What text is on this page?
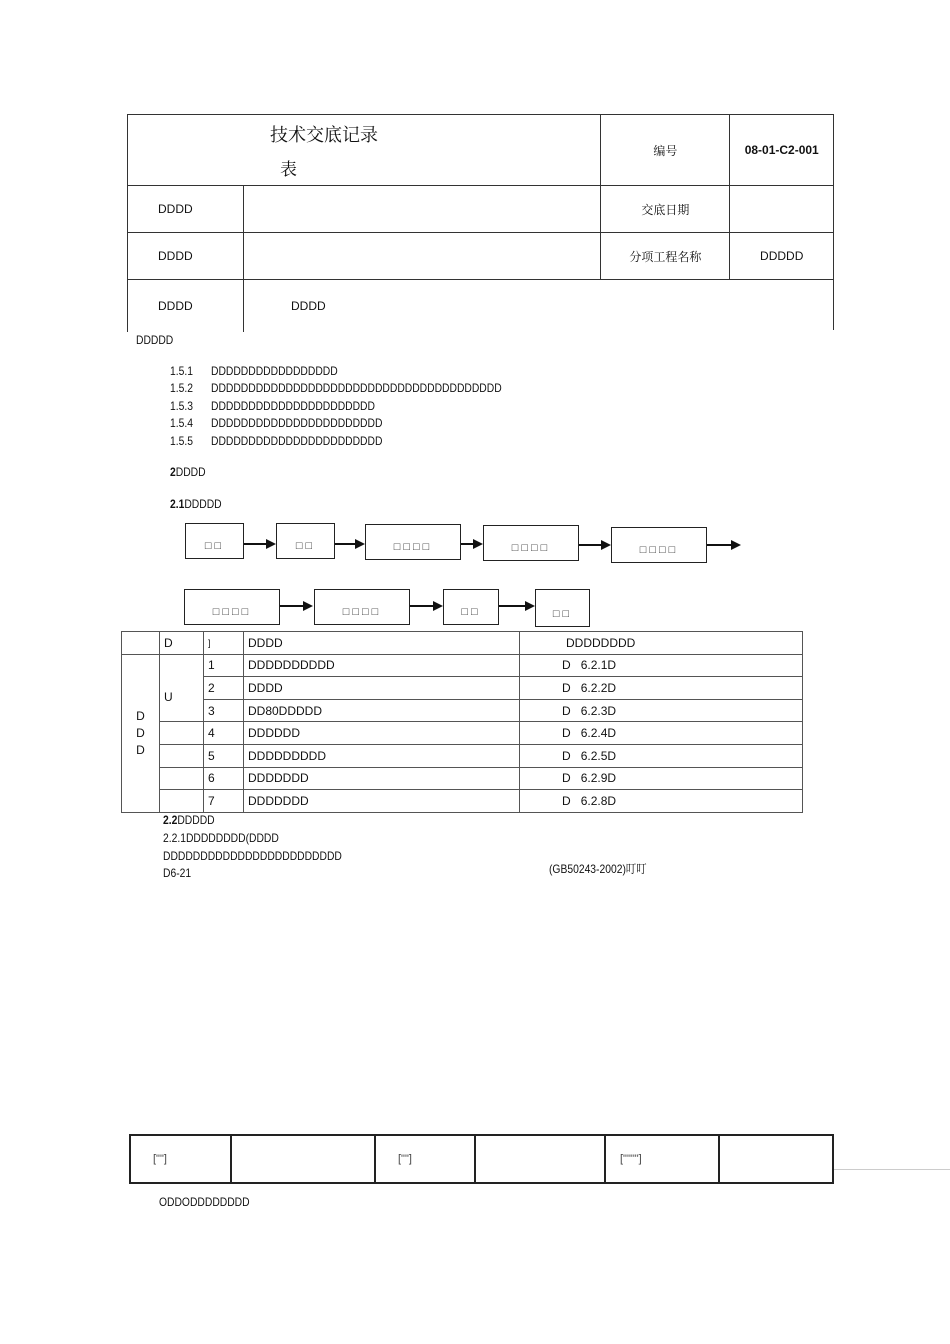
技术交底记录
表		编号	08-01-C2-001
DDDD		交底日期	
DDDD		分项工程名称	DDDDD
DDDD	DDDD		
DDDDD
1.5.1 DDDDDDDDDDDDDDDDD
1.5.2 DDDDDDDDDDDDDDDDDDDDDDDDDDDDDDDDDDDDDDD
1.5.3 DDDDDDDDDDDDDDDDDDDDDD
1.5.4 DDDDDDDDDDDDDDDDDDDDDDD
1.5.5 DDDDDDDDDDDDDDDDDDDDDDD
2DDDD
2.1DDDDD
□□	□□	□□□□	□□□□	□□□□
□□□□	□□□□	□□	□□
	D	]	DDDD	DDDDDDDD

D
D
D		1	DDDDDDDDDD	D 6.2.1D
		2	DDDD	D 6.2.2D
	U	3	DD80DDDDD	D 6.2.3D
		4	DDDDDD	D 6.2.4D
		5	DDDDDDDDD	D 6.2.5D
		6	DDDDDDD	D 6.2.9D
		7	DDDDDDD	D 6.2.8D
2.2DDDDD
2.2.1DDDDDDDD(DDDD
DDDDDDDDDDDDDDDDDDDDDDDD
D6-21	(GB50243-2002)叮叮
[""]		[""]		[""""]	
ODDODDDDDDDD
